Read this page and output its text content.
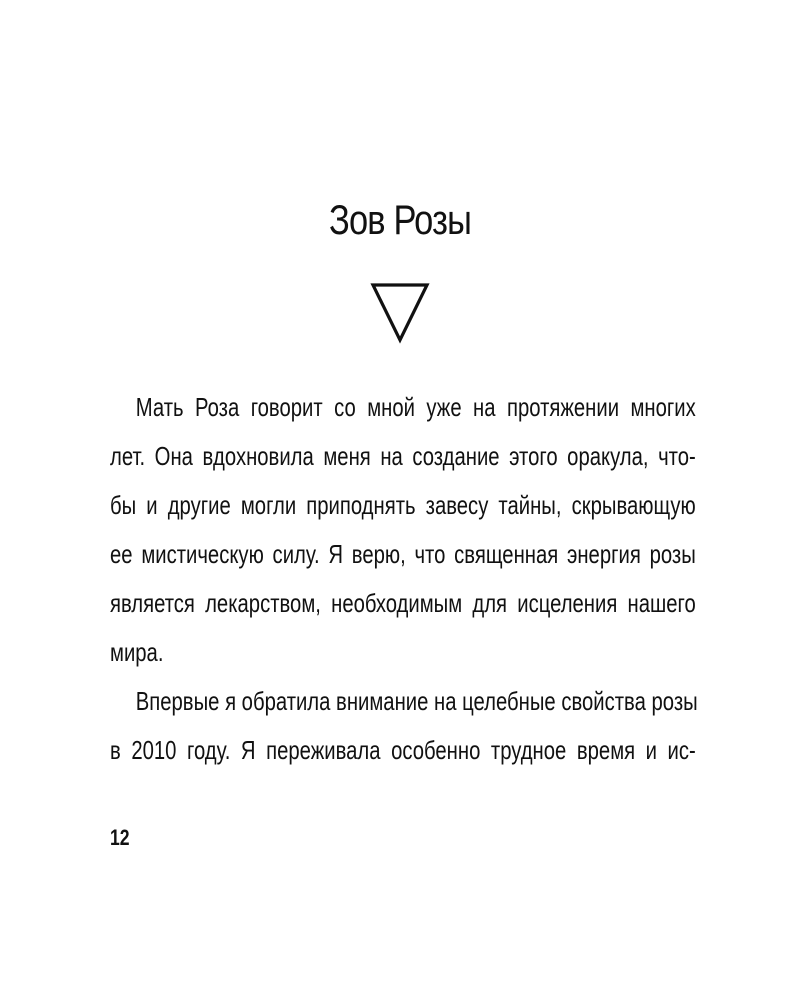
Зов Розы
Мать Роза говорит со мной уже на протяжении многих
лет. Она вдохновила меня на создание этого оракула, что-
бы и другие могли приподнять завесу тайны, скрывающую
ее мистическую силу. Я верю, что священная энергия розы
является лекарством, необходимым для исцеления нашего
мира.
Впервые я обратила внимание на целебные свойства розы
в 2010 году. Я переживала особенно трудное время и ис-
12
